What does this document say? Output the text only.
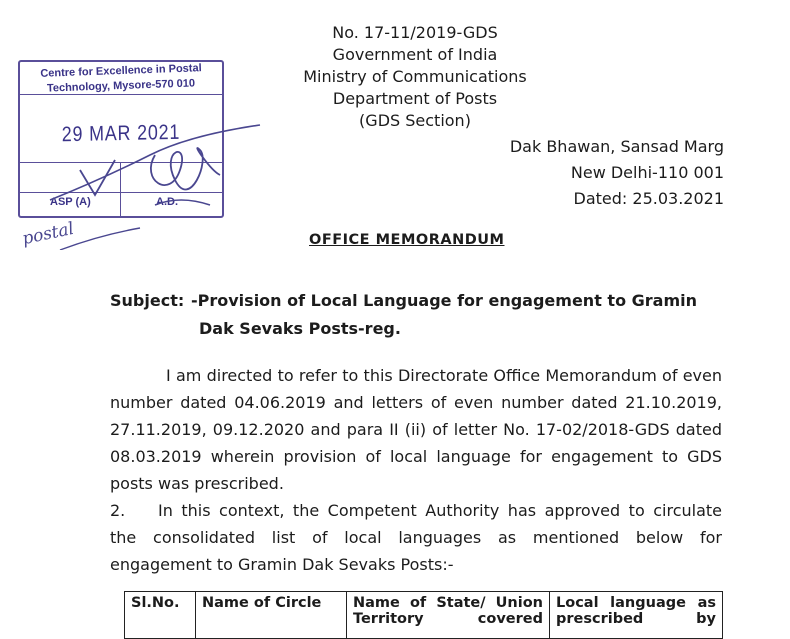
No. 17-11/2019-GDS
Government of India
Ministry of Communications
Department of Posts
(GDS Section)
Dak Bhawan, Sansad Marg
New Delhi-110 001
Dated: 25.03.2021
Centre for Excellence in Postal
Technology, Mysore-570 010
29 MAR 2021
ASP (A)	A.D.
postal	OFFICE MEMORANDUM
Subject: -Provision of Local Language for engagement to Gramin
Dak Sevaks Posts-reg.
I am directed to refer to this Directorate Office Memorandum of even number dated 04.06.2019 and letters of even number dated 21.10.2019, 27.11.2019, 09.12.2020 and para II (ii) of letter No. 17-02/2018-GDS dated 08.03.2019 wherein provision of local language for engagement to GDS posts was prescribed.
2. In this context, the Competent Authority has approved to circulate the consolidated list of local languages as mentioned below for engagement to Gramin Dak Sevaks Posts:-
Sl.No.	Name of Circle	Name of State/ Union Territory covered	Local language as prescribed by
